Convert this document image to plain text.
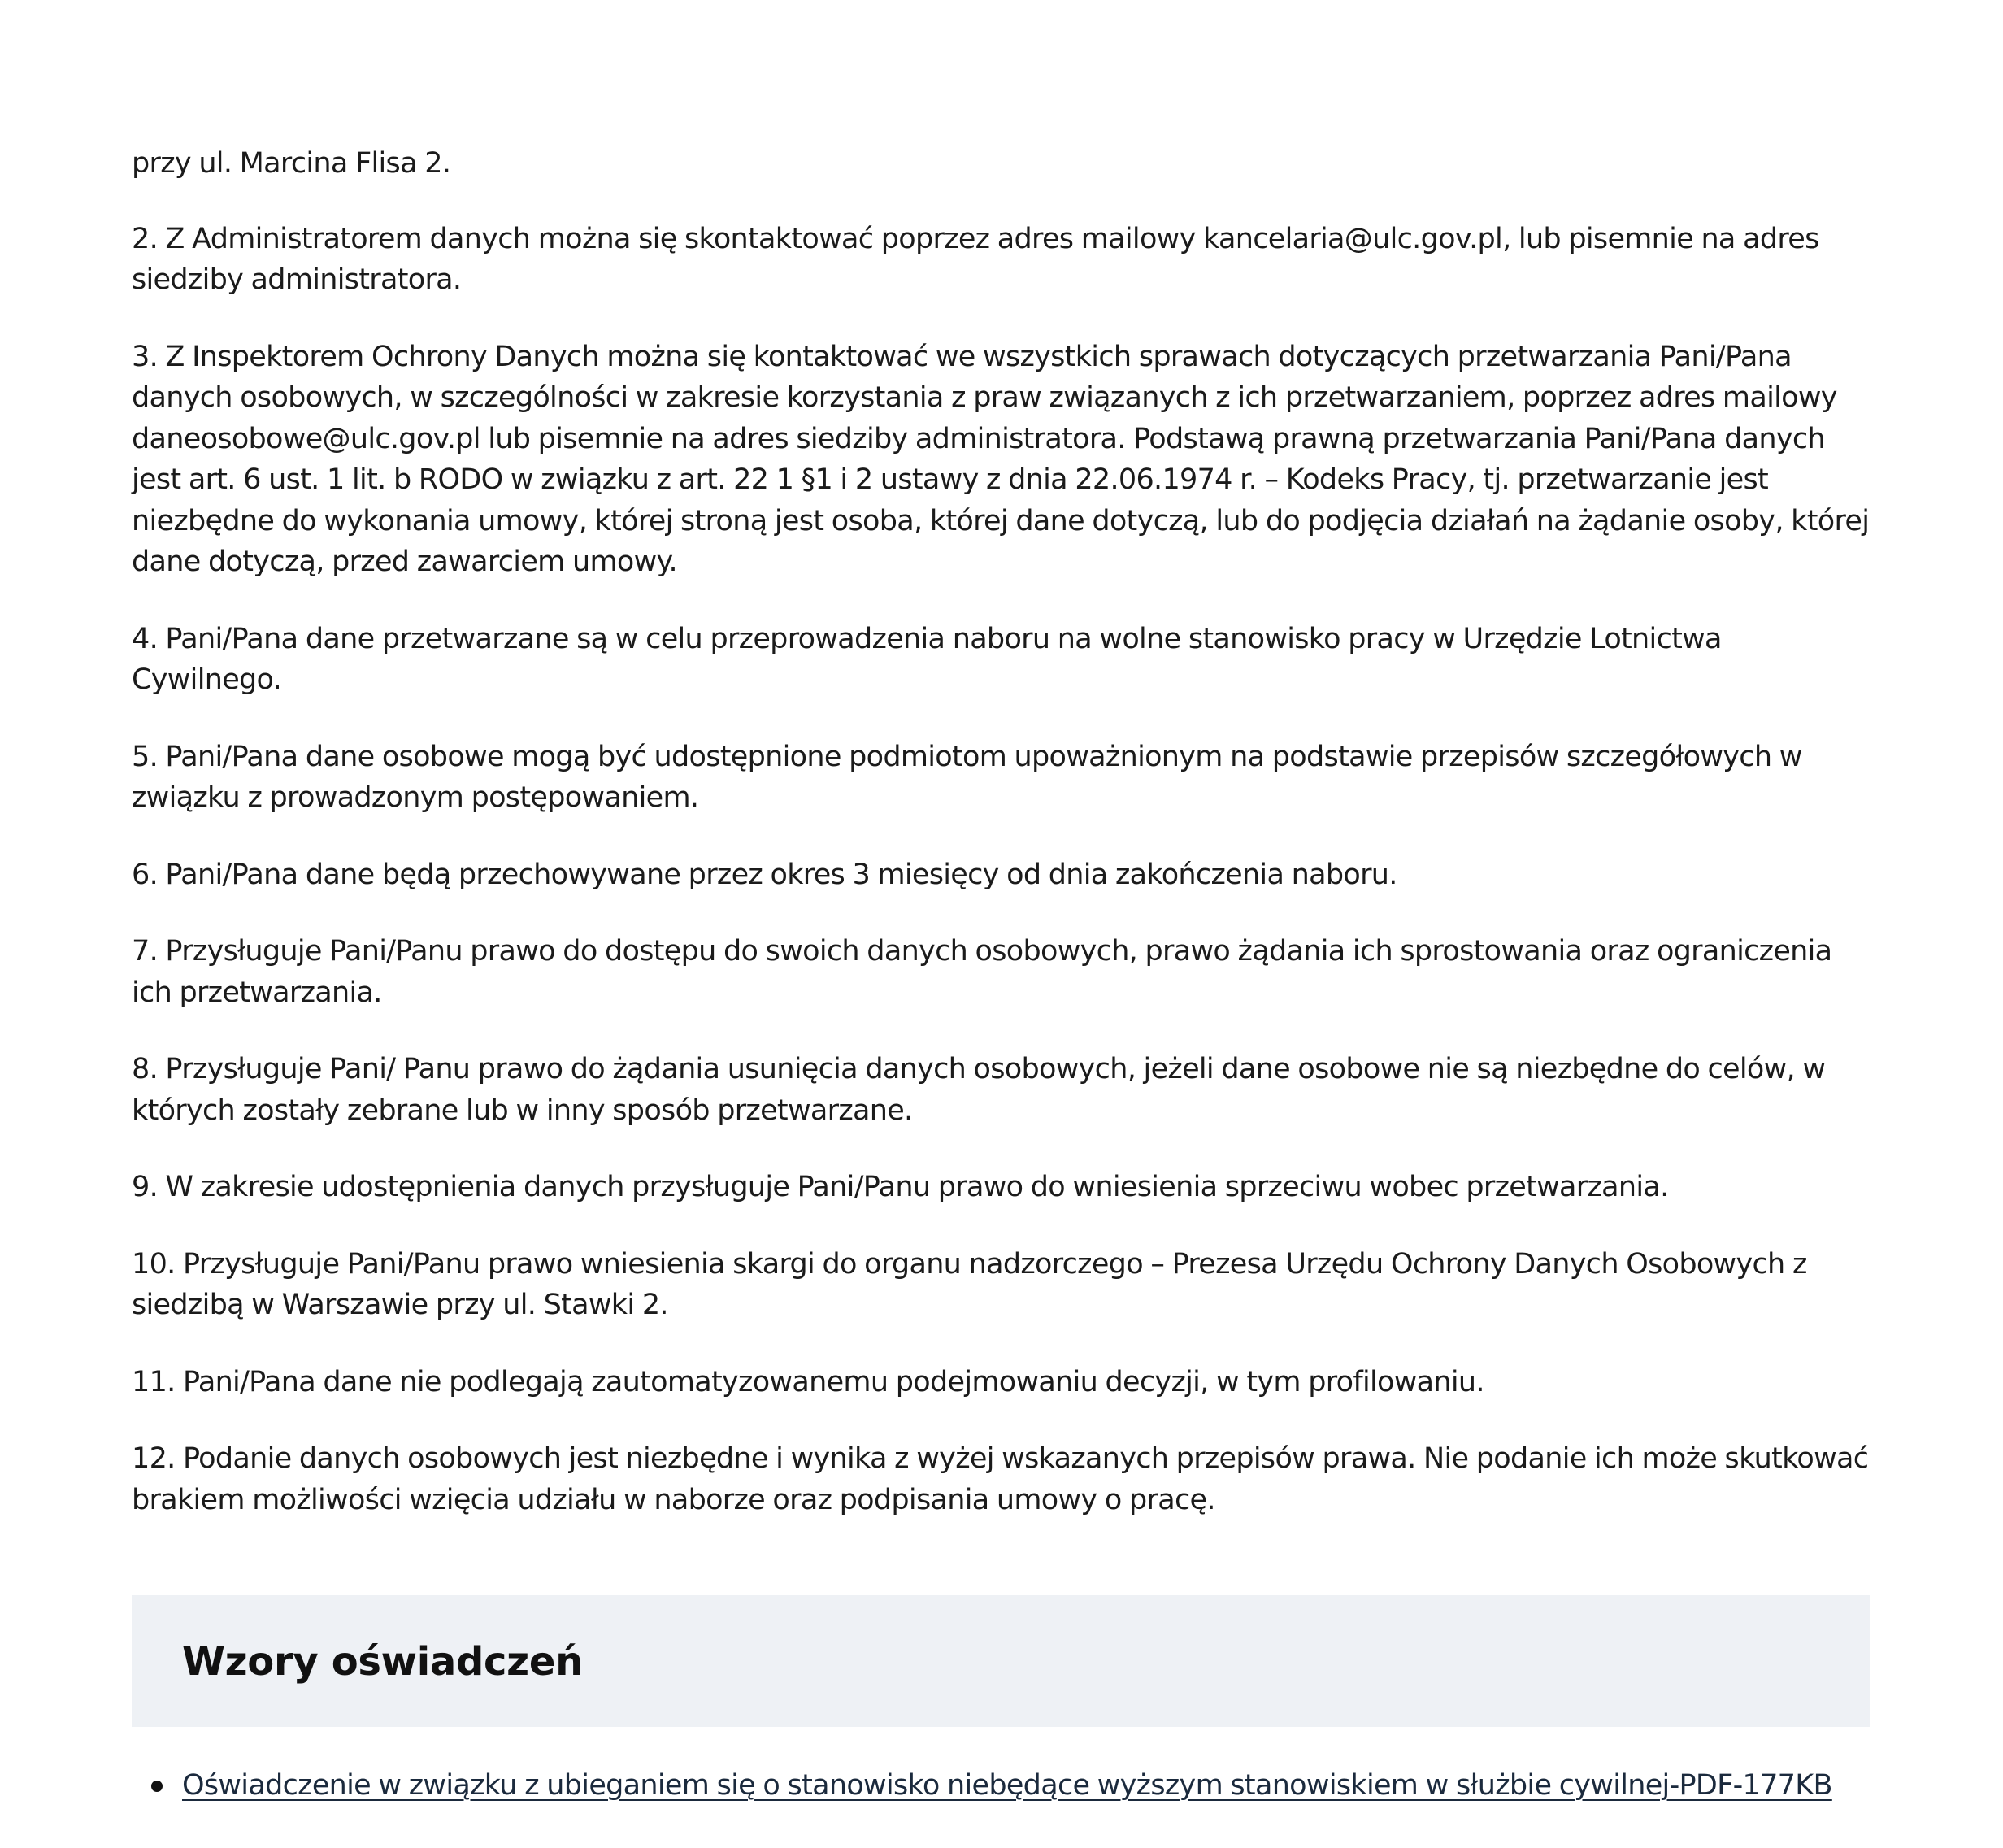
przy ul. Marcina Flisa 2.

2. Z Administratorem danych można się skontaktować poprzez adres mailowy kancelaria@ulc.gov.pl, lub pisemnie na adres siedziby administratora.

3. Z Inspektorem Ochrony Danych można się kontaktować we wszystkich sprawach dotyczących przetwarzania Pani/Pana danych osobowych, w szczególności w zakresie korzystania z praw związanych z ich przetwarzaniem, poprzez adres mailowy daneosobowe@ulc.gov.pl lub pisemnie na adres siedziby administratora. Podstawą prawną przetwarzania Pani/Pana danych jest art. 6 ust. 1 lit. b RODO w związku z art. 22 1 §1 i 2 ustawy z dnia 22.06.1974 r. – Kodeks Pracy, tj. przetwarzanie jest niezbędne do wykonania umowy, której stroną jest osoba, której dane dotyczą, lub do podjęcia działań na żądanie osoby, której dane dotyczą, przed zawarciem umowy.

4. Pani/Pana dane przetwarzane są w celu przeprowadzenia naboru na wolne stanowisko pracy w Urzędzie Lotnictwa Cywilnego.

5. Pani/Pana dane osobowe mogą być udostępnione podmiotom upoważnionym na podstawie przepisów szczegółowych w związku z prowadzonym postępowaniem.

6. Pani/Pana dane będą przechowywane przez okres 3 miesięcy od dnia zakończenia naboru.

7. Przysługuje Pani/Panu prawo do dostępu do swoich danych osobowych, prawo żądania ich sprostowania oraz ograniczenia ich przetwarzania.

8. Przysługuje Pani/ Panu prawo do żądania usunięcia danych osobowych, jeżeli dane osobowe nie są niezbędne do celów, w których zostały zebrane lub w inny sposób przetwarzane.

9. W zakresie udostępnienia danych przysługuje Pani/Panu prawo do wniesienia sprzeciwu wobec przetwarzania.

10. Przysługuje Pani/Panu prawo wniesienia skargi do organu nadzorczego – Prezesa Urzędu Ochrony Danych Osobowych z siedzibą w Warszawie przy ul. Stawki 2.

11. Pani/Pana dane nie podlegają zautomatyzowanemu podejmowaniu decyzji, w tym profilowaniu.

12. Podanie danych osobowych jest niezbędne i wynika z wyżej wskazanych przepisów prawa. Nie podanie ich może skutkować brakiem możliwości wzięcia udziału w naborze oraz podpisania umowy o pracę.

Wzory oświadczeń
Oświadczenie w związku z ubieganiem się o stanowisko niebędące wyższym stanowiskiem w służbie cywilnej-PDF-177KB
